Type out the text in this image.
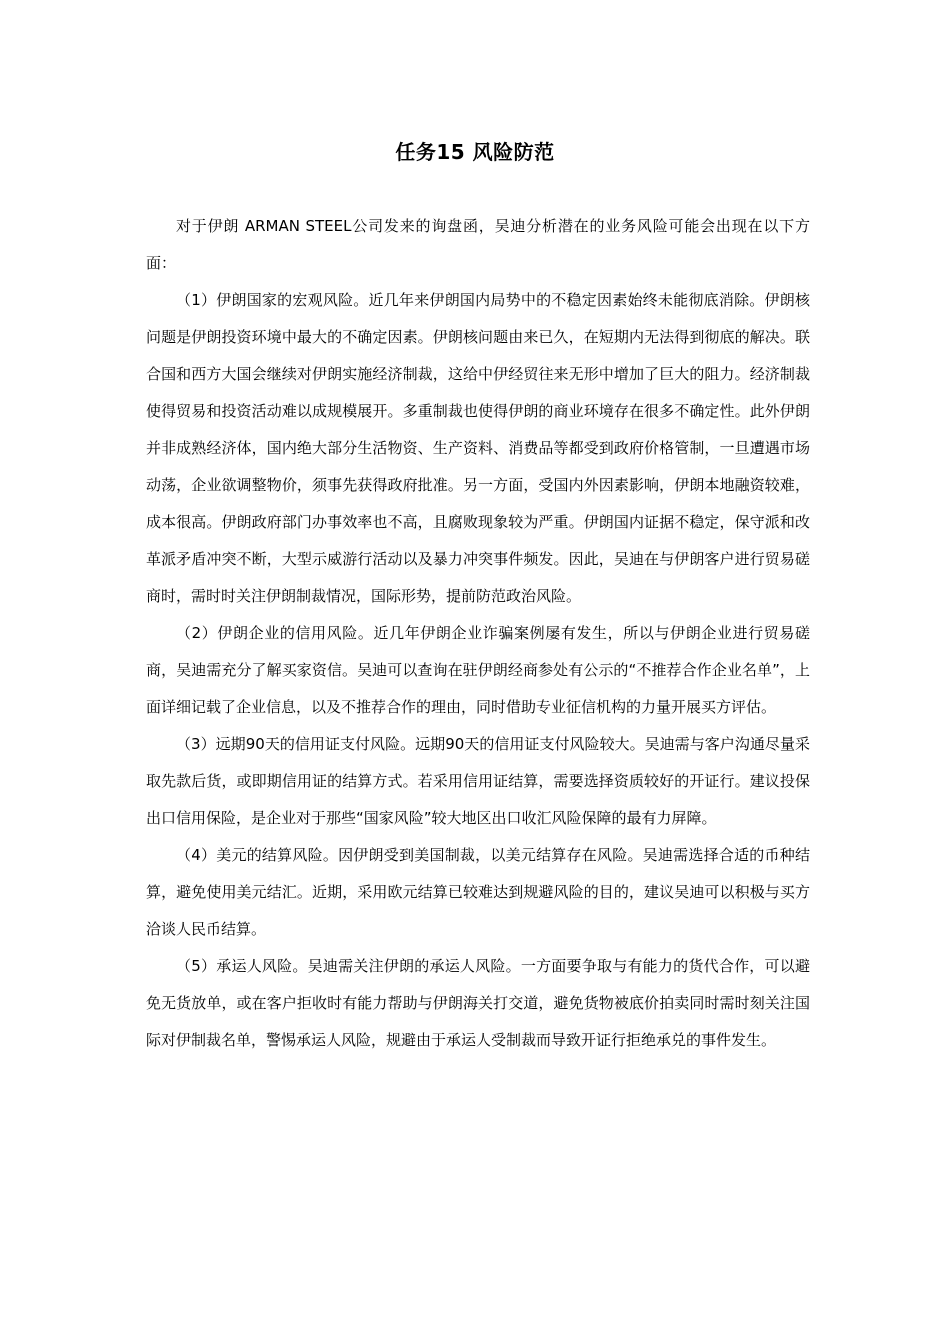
任务15 风险防范

对于伊朗 ARMAN STEEL公司发来的询盘函，吴迪分析潜在的业务风险可能会出现在以下方面：

（1）伊朗国家的宏观风险。近几年来伊朗国内局势中的不稳定因素始终未能彻底消除。伊朗核问题是伊朗投资环境中最大的不确定因素。伊朗核问题由来已久，在短期内无法得到彻底的解决。联合国和西方大国会继续对伊朗实施经济制裁，这给中伊经贸往来无形中增加了巨大的阻力。经济制裁使得贸易和投资活动难以成规模展开。多重制裁也使得伊朗的商业环境存在很多不确定性。此外伊朗并非成熟经济体，国内绝大部分生活物资、生产资料、消费品等都受到政府价格管制，一旦遭遇市场动荡，企业欲调整物价，须事先获得政府批准。另一方面，受国内外因素影响，伊朗本地融资较难，成本很高。伊朗政府部门办事效率也不高，且腐败现象较为严重。伊朗国内证据不稳定，保守派和改革派矛盾冲突不断，大型示威游行活动以及暴力冲突事件频发。因此，吴迪在与伊朗客户进行贸易磋商时，需时时关注伊朗制裁情况，国际形势，提前防范政治风险。

（2）伊朗企业的信用风险。近几年伊朗企业诈骗案例屡有发生，所以与伊朗企业进行贸易磋商，吴迪需充分了解买家资信。吴迪可以查询在驻伊朗经商参处有公示的“不推荐合作企业名单”，上面详细记载了企业信息，以及不推荐合作的理由，同时借助专业征信机构的力量开展买方评估。

（3）远期90天的信用证支付风险。远期90天的信用证支付风险较大。吴迪需与客户沟通尽量采取先款后货，或即期信用证的结算方式。若采用信用证结算，需要选择资质较好的开证行。建议投保出口信用保险，是企业对于那些“国家风险”较大地区出口收汇风险保障的最有力屏障。

（4）美元的结算风险。因伊朗受到美国制裁，以美元结算存在风险。吴迪需选择合适的币种结算，避免使用美元结汇。近期，采用欧元结算已较难达到规避风险的目的，建议吴迪可以积极与买方洽谈人民币结算。

（5）承运人风险。吴迪需关注伊朗的承运人风险。一方面要争取与有能力的货代合作，可以避免无货放单，或在客户拒收时有能力帮助与伊朗海关打交道，避免货物被底价拍卖同时需时刻关注国际对伊制裁名单，警惕承运人风险，规避由于承运人受制裁而导致开证行拒绝承兑的事件发生。
